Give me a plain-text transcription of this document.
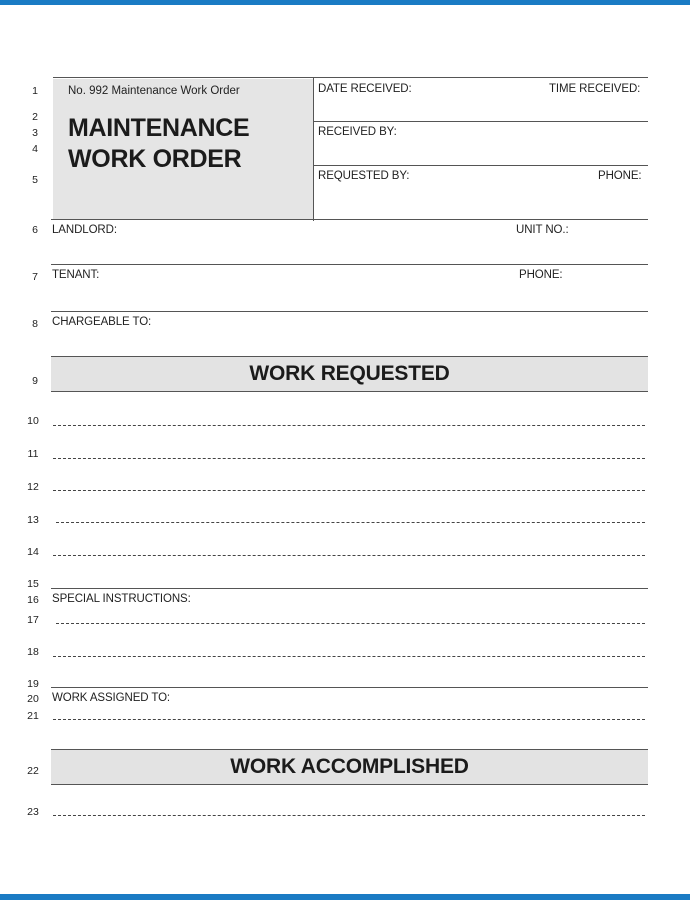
1
2
3
4
5
6
7
8
9
10
11
12
13
14
15
16
17
18
19
20
21
22
23
No. 992 Maintenance Work Order
MAINTENANCE
WORK ORDER
DATE RECEIVED:	TIME RECEIVED:
RECEIVED BY:
REQUESTED BY:	PHONE:
LANDLORD:	UNIT NO.:
TENANT:	PHONE:
CHARGEABLE TO:
WORK REQUESTED
SPECIAL INSTRUCTIONS:
WORK ASSIGNED TO:
WORK ACCOMPLISHED
